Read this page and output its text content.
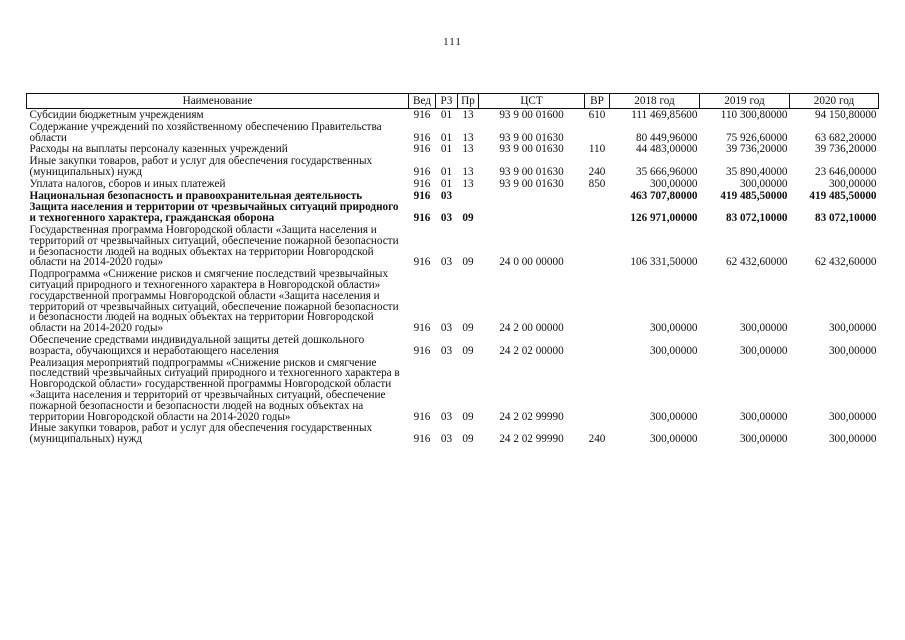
111
Наименование	Вед	РЗ	Пр	ЦСТ	ВР	2018 год	2019 год	2020 год
Субсидии бюджетным учреждениям	916	01	13	93 9 00 01600	610	111 469,85600	110 300,80000	94 150,80000
Содержание учреждений по хозяйственному обеспечению Правительства области	916	01	13	93 9 00 01630		80 449,96000	75 926,60000	63 682,20000
Расходы на выплаты персоналу казенных учреждений	916	01	13	93 9 00 01630	110	44 483,00000	39 736,20000	39 736,20000
Иные закупки товаров, работ и услуг для обеспечения государственных (муниципальных) нужд	916	01	13	93 9 00 01630	240	35 666,96000	35 890,40000	23 646,00000
Уплата налогов, сборов и иных платежей	916	01	13	93 9 00 01630	850	300,00000	300,00000	300,00000
Национальная безопасность и правоохранительная деятельность	916	03				463 707,80000	419 485,50000	419 485,50000
Защита населения и территории от чрезвычайных ситуаций природного и техногенного характера, гражданская оборона	916	03	09			126 971,00000	83 072,10000	83 072,10000
Государственная программа Новгородской области «Защита населения и территорий от чрезвычайных ситуаций, обеспечение пожарной безопасности и безопасности людей на водных объектах на территории Новгородской области на 2014-2020 годы»	916	03	09	24 0 00 00000		106 331,50000	62 432,60000	62 432,60000
Подпрограмма «Снижение рисков и смягчение последствий чрезвычайных ситуаций природного и техногенного характера в Новгородской области» государственной программы Новгородской области «Защита населения и территорий от чрезвычайных ситуаций, обеспечение пожарной безопасности и безопасности людей на водных объектах на территории Новгородской области на 2014-2020 годы»	916	03	09	24 2 00 00000		300,00000	300,00000	300,00000
Обеспечение средствами индивидуальной защиты детей дошкольного возраста, обучающихся и неработающего населения	916	03	09	24 2 02 00000		300,00000	300,00000	300,00000
Реализация мероприятий подпрограммы «Снижение рисков и смягчение последствий чрезвычайных ситуаций природного и техногенного характера в Новгородской области» государственной программы Новгородской области «Защита населения и территорий от чрезвычайных ситуаций, обеспечение пожарной безопасности и безопасности людей на водных объектах на территории Новгородской области на 2014-2020 годы»	916	03	09	24 2 02 99990		300,00000	300,00000	300,00000
Иные закупки товаров, работ и услуг для обеспечения государственных (муниципальных) нужд	916	03	09	24 2 02 99990	240	300,00000	300,00000	300,00000
